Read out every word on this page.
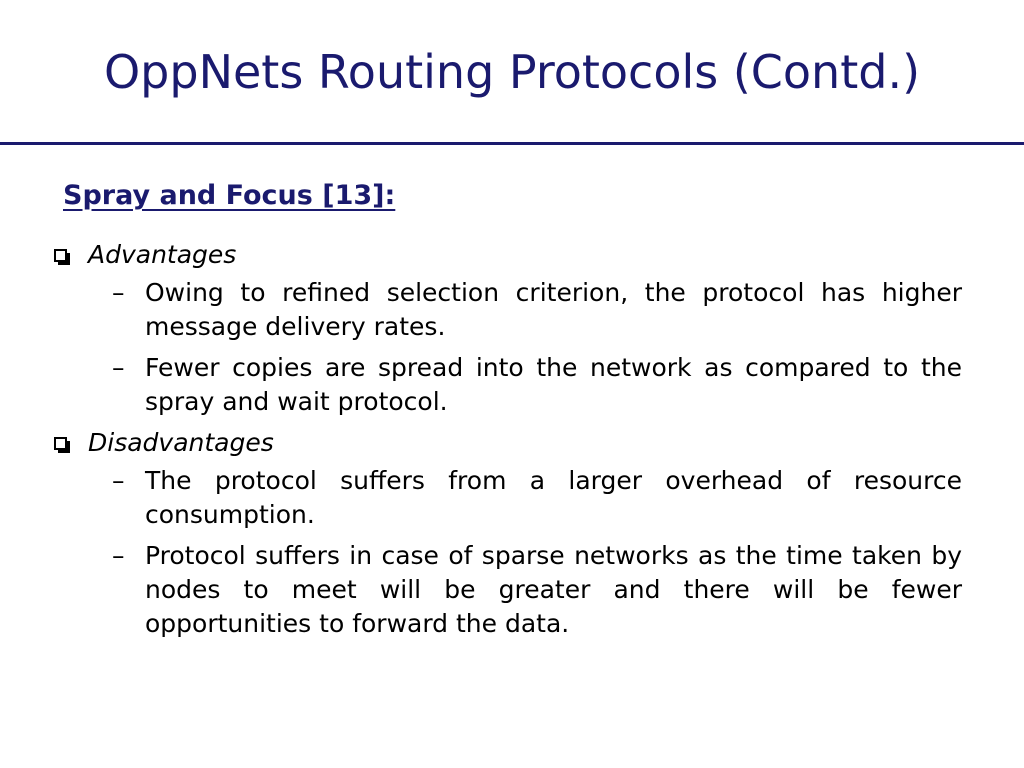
OppNets Routing Protocols (Contd.)
Spray and Focus [13]:
Advantages
– Owing to refined selection criterion, the protocol has higher message delivery rates.
– Fewer copies are spread into the network as compared to the spray and wait protocol.
Disadvantages
– The protocol suffers from a larger overhead of resource consumption.
– Protocol suffers in case of sparse networks as the time taken by nodes to meet will be greater and there will be fewer opportunities to forward the data.
